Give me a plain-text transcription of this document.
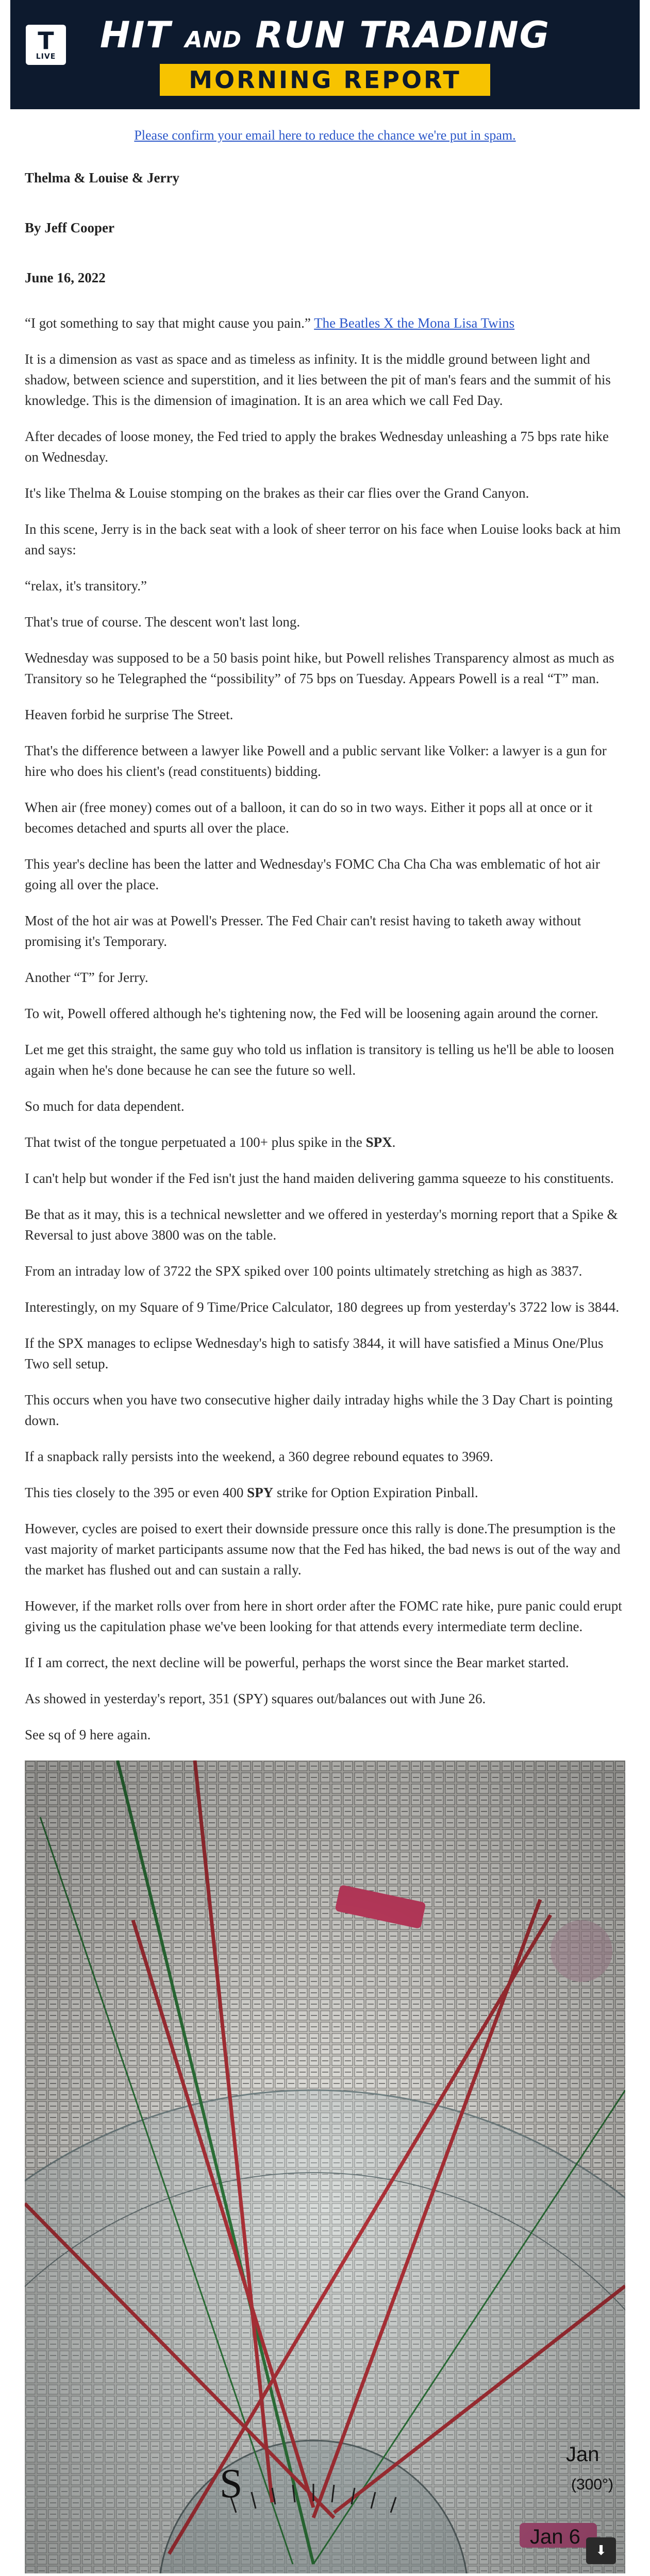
T
LIVE
HIT AND RUN TRADING
MORNING REPORT
Please confirm your email here to reduce the chance we're put in spam.

Thelma & Louise & Jerry

By Jeff Cooper

June 16, 2022

“I got something to say that might cause you pain.” The Beatles X the Mona Lisa Twins

It is a dimension as vast as space and as timeless as infinity. It is the middle ground between light and shadow, between science and superstition, and it lies between the pit of man's fears and the summit of his knowledge. This is the dimension of imagination. It is an area which we call Fed Day.

After decades of loose money, the Fed tried to apply the brakes Wednesday unleashing a 75 bps rate hike on Wednesday.

It's like Thelma & Louise stomping on the brakes as their car flies over the Grand Canyon.

In this scene, Jerry is in the back seat with a look of sheer terror on his face when Louise looks back at him and says:

“relax, it's transitory.”

That's true of course. The descent won't last long.

Wednesday was supposed to be a 50 basis point hike, but Powell relishes Transparency almost as much as Transitory so he Telegraphed the “possibility” of 75 bps on Tuesday. Appears Powell is a real “T” man.

Heaven forbid he surprise The Street.

That's the difference between a lawyer like Powell and a public servant like Volker: a lawyer is a gun for hire who does his client's (read constituents) bidding.

When air (free money) comes out of a balloon, it can do so in two ways. Either it pops all at once or it becomes detached and spurts all over the place.

This year's decline has been the latter and Wednesday's FOMC Cha Cha Cha was emblematic of hot air going all over the place.

Most of the hot air was at Powell's Presser. The Fed Chair can't resist having to taketh away without promising it's Temporary.

Another “T” for Jerry.

To wit, Powell offered although he's tightening now, the Fed will be loosening again around the corner.

Let me get this straight, the same guy who told us inflation is transitory is telling us he'll be able to loosen again when he's done because he can see the future so well.

So much for data dependent.

That twist of the tongue perpetuated a 100+ plus spike in the SPX.

I can't help but wonder if the Fed isn't just the hand maiden delivering gamma squeeze to his constituents.

Be that as it may, this is a technical newsletter and we offered in yesterday's morning report that a Spike & Reversal to just above 3800 was on the table.

From an intraday low of 3722 the SPX spiked over 100 points ultimately stretching as high as 3837.

Interestingly, on my Square of 9 Time/Price Calculator, 180 degrees up from yesterday's 3722 low is 3844.

If the SPX manages to eclipse Wednesday's high to satisfy 3844, it will have satisfied a Minus One/Plus Two sell setup.

This occurs when you have two consecutive higher daily intraday highs while the 3 Day Chart is pointing down.

If a snapback rally persists into the weekend, a 360 degree rebound equates to 3969.

This ties closely to the 395 or even 400 SPY strike for Option Expiration Pinball.

However, cycles are poised to exert their downside pressure once this rally is done.The presumption is the vast majority of market participants assume now that the Fed has hiked, the bad news is out of the way and the market has flushed out and can sustain a rally.

However, if the market rolls over from here in short order after the FOMC rate hike, pure panic could erupt giving us the capitulation phase we've been looking for that attends every intermediate term decline.

If I am correct, the next decline will be powerful, perhaps the worst since the Bear market started.

As showed in yesterday's report, 351 (SPY) squares out/balances out with June 26.

See sq of 9 here again.

Jan
Jan 6
(300°)
S
⬇
